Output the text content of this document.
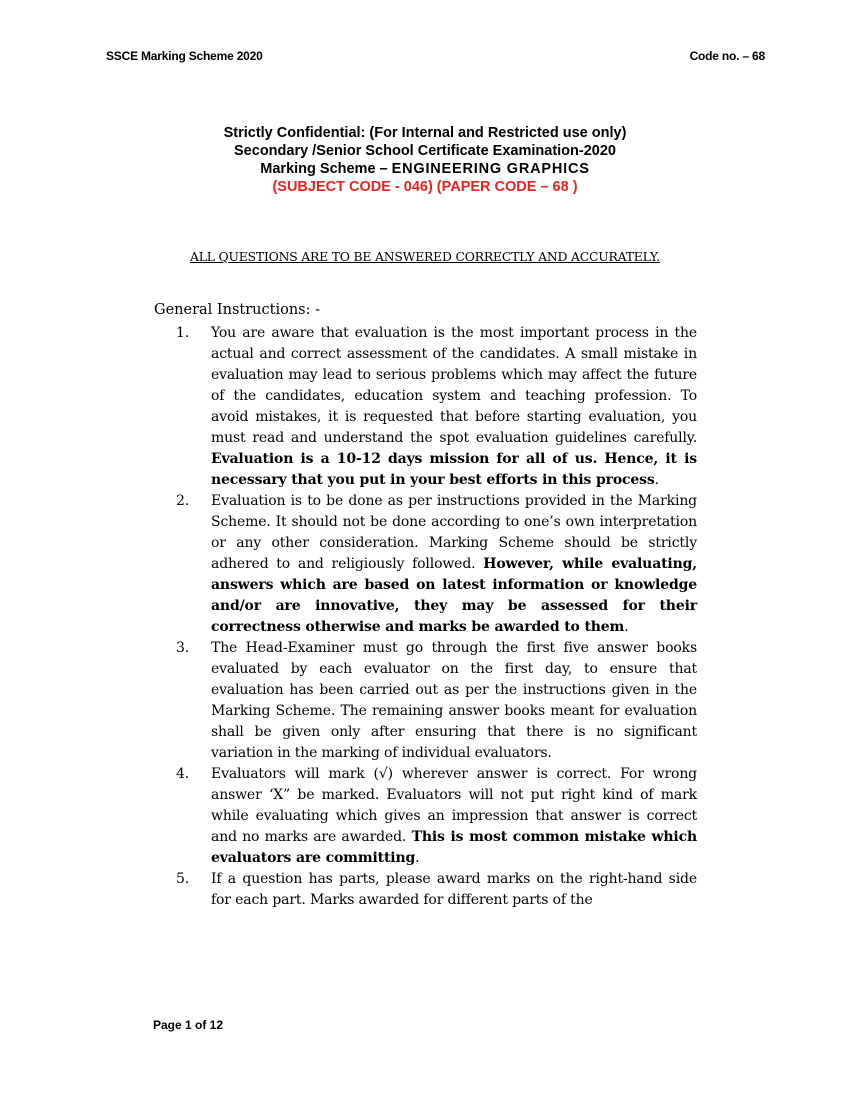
SSCE Marking Scheme 2020	Code no. – 68
Strictly Confidential: (For Internal and Restricted use only)
Secondary /Senior School Certificate Examination-2020
Marking Scheme – ENGINEERING GRAPHICS
(SUBJECT CODE - 046) (PAPER CODE – 68 )
ALL QUESTIONS ARE TO BE ANSWERED CORRECTLY AND ACCURATELY.
General Instructions: -
1. You are aware that evaluation is the most important process in the actual and correct assessment of the candidates. A small mistake in evaluation may lead to serious problems which may affect the future of the candidates, education system and teaching profession. To avoid mistakes, it is requested that before starting evaluation, you must read and understand the spot evaluation guidelines carefully. Evaluation is a 10-12 days mission for all of us. Hence, it is necessary that you put in your best efforts in this process.
2. Evaluation is to be done as per instructions provided in the Marking Scheme. It should not be done according to one’s own interpretation or any other consideration. Marking Scheme should be strictly adhered to and religiously followed. However, while evaluating, answers which are based on latest information or knowledge and/or are innovative, they may be assessed for their correctness otherwise and marks be awarded to them.
3. The Head-Examiner must go through the first five answer books evaluated by each evaluator on the first day, to ensure that evaluation has been carried out as per the instructions given in the Marking Scheme. The remaining answer books meant for evaluation shall be given only after ensuring that there is no significant variation in the marking of individual evaluators.
4. Evaluators will mark (√) wherever answer is correct. For wrong answer ‘X” be marked. Evaluators will not put right kind of mark while evaluating which gives an impression that answer is correct and no marks are awarded. This is most common mistake which evaluators are committing.
5. If a question has parts, please award marks on the right-hand side for each part. Marks awarded for different parts of the
Page 1 of 12
